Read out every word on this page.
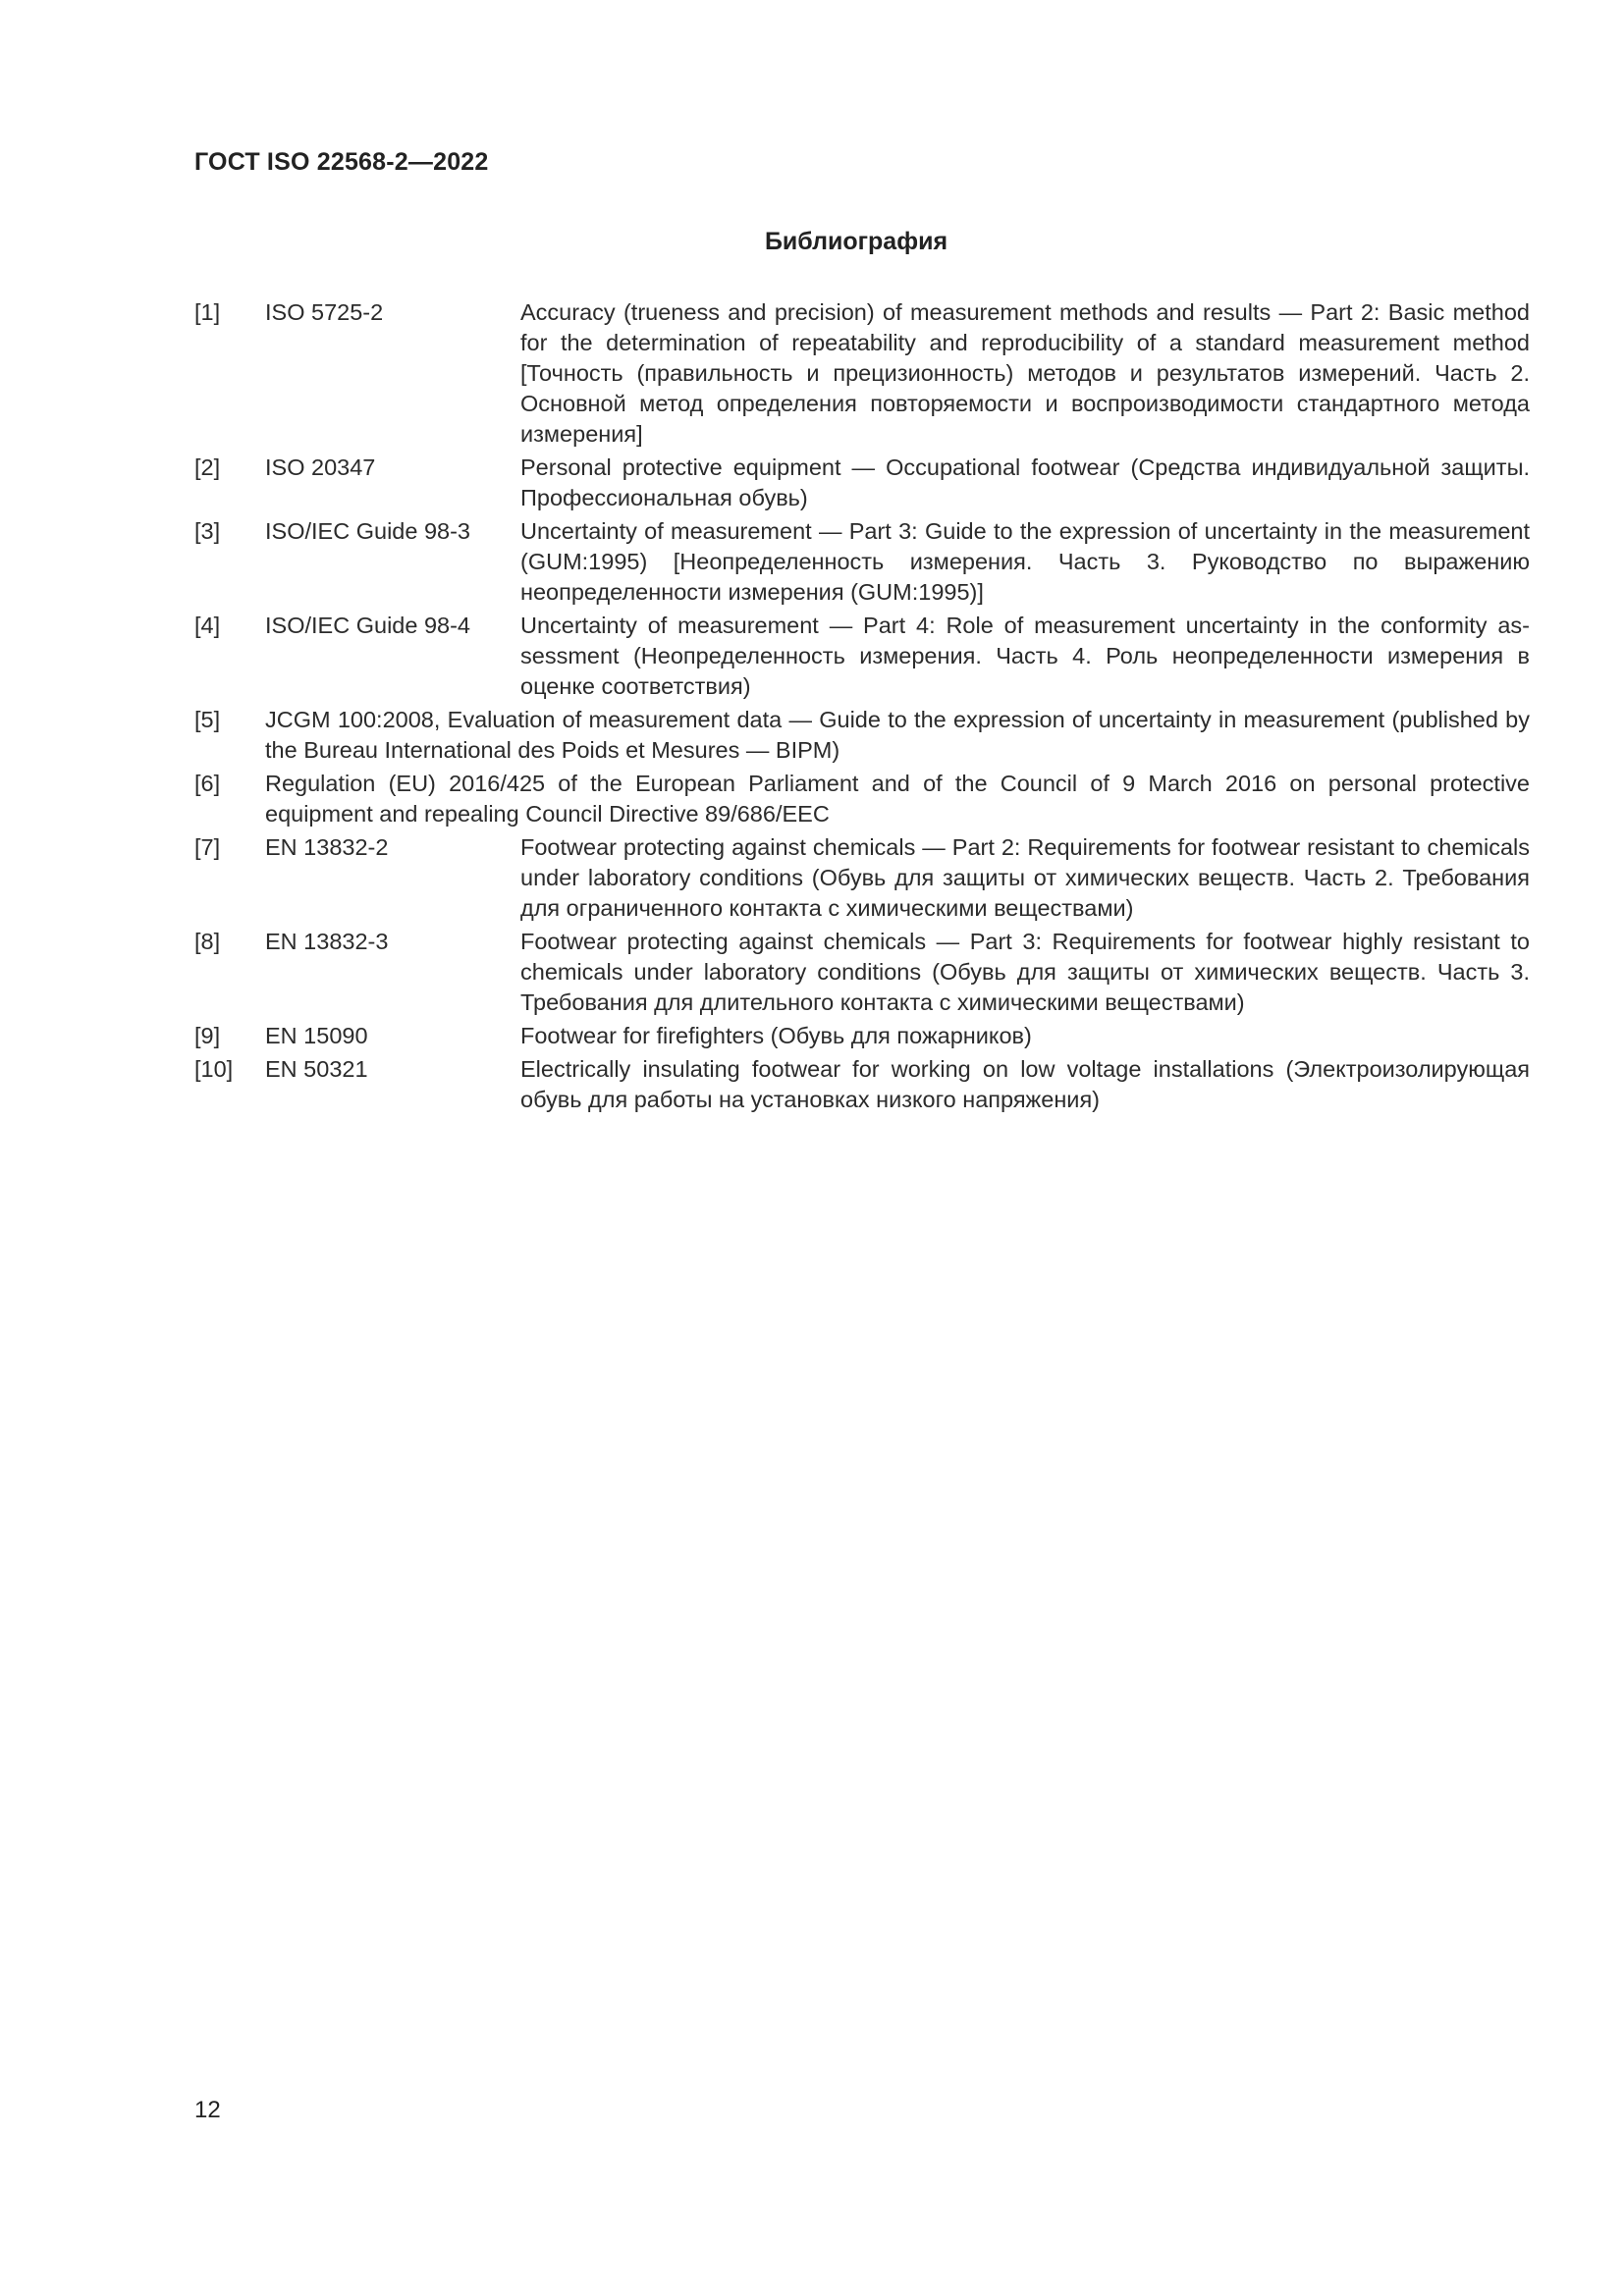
ГОСТ ISO 22568-2—2022
Библиография
[1]	ISO 5725-2	Accuracy (trueness and precision) of measurement methods and results — Part 2: Basic method for the determination of repeatability and reproducibility of a standard measurement method [Точность (правильность и прецизионность) методов и результатов измерений. Часть 2. Основной метод определения повторяемости и воспроизводимости стандартного метода измерения]
[2]	ISO 20347	Personal protective equipment — Occupational footwear (Средства индивидуальной защиты. Профессиональная обувь)
[3]	ISO/IEC Guide 98-3	Uncertainty of measurement — Part 3: Guide to the expression of uncertainty in the measurement (GUM:1995) [Неопределенность измерения. Часть 3. Руководство по выражению неопределенности измерения (GUM:1995)]
[4]	ISO/IEC Guide 98-4	Uncertainty of measurement — Part 4: Role of measurement uncertainty in the conformity assessment (Неопределенность измерения. Часть 4. Роль неопределенности измерения в оценке соответствия)
[5]	JCGM 100:2008, Evaluation of measurement data — Guide to the expression of uncertainty in measurement (published by the Bureau International des Poids et Mesures — BIPM)
[6]	Regulation (EU) 2016/425 of the European Parliament and of the Council of 9 March 2016 on personal protective equipment and repealing Council Directive 89/686/EEC
[7]	EN 13832-2	Footwear protecting against chemicals — Part 2: Requirements for footwear resistant to chemicals under laboratory conditions (Обувь для защиты от химических веществ. Часть 2. Требования для ограниченного контакта с химическими веществами)
[8]	EN 13832-3	Footwear protecting against chemicals — Part 3: Requirements for footwear highly resistant to chemicals under laboratory conditions (Обувь для защиты от химических веществ. Часть 3. Требования для длительного контакта с химическими веществами)
[9]	EN 15090	Footwear for firefighters (Обувь для пожарников)
[10]	EN 50321	Electrically insulating footwear for working on low voltage installations (Электроизолирующая обувь для работы на установках низкого напряжения)
12
